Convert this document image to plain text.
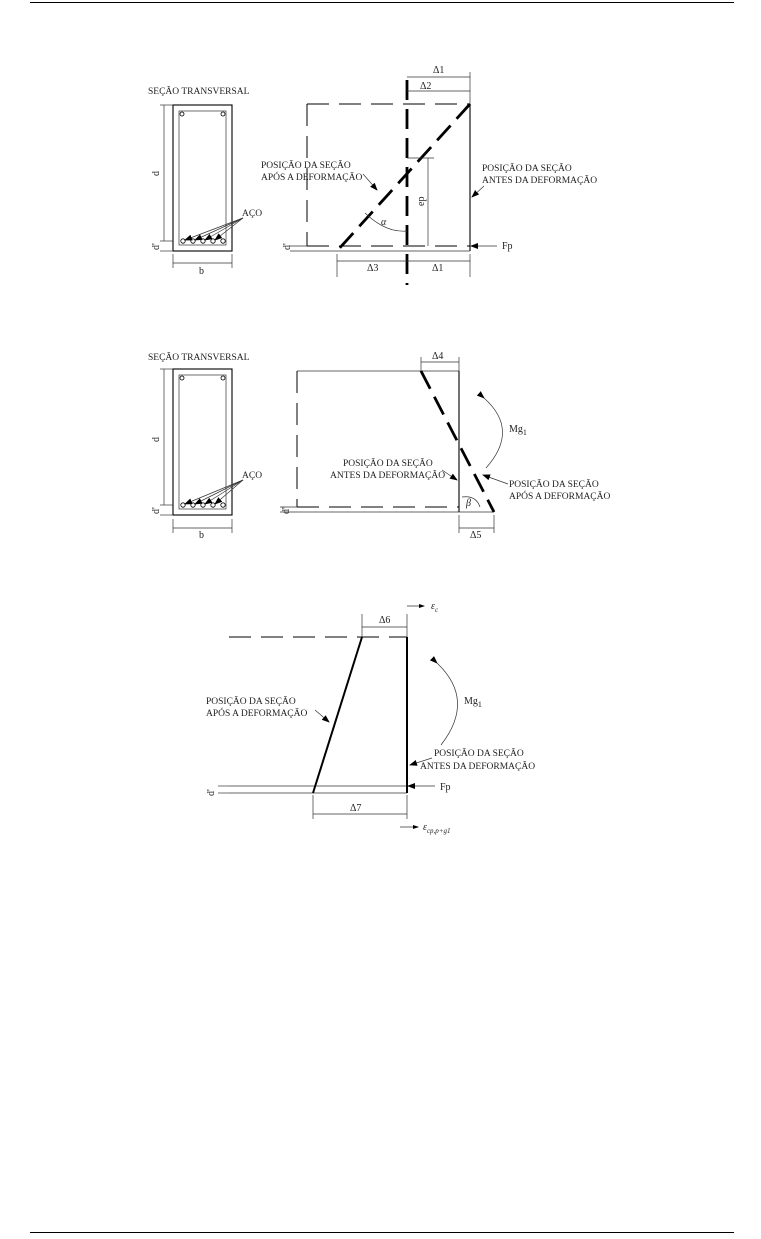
SEÇÃO TRANSVERSAL
AÇO
d
d'
b
Δ1
Δ2
ep
α
d'	Fp
Δ3	Δ1
POSIÇÃO DA SEÇÃO
APÓS A DEFORMAÇÃO
POSIÇÃO DA SEÇÃO
ANTES DA DEFORMAÇÃO
SEÇÃO TRANSVERSAL
AÇO
d
d'
b
Δ4
$Mg_1$
β
d'
Δ5
POSIÇÃO DA SEÇÃO
ANTES DA DEFORMAÇÃO
POSIÇÃO DA SEÇÃO
APÓS A DEFORMAÇÃO
Δ6
$\varepsilon_c$
$Mg_1$
d'	Fp
Δ7
$\varepsilon_{cp,p+g1}$
POSIÇÃO DA SEÇÃO
APÓS A DEFORMAÇÃO
POSIÇÃO DA SEÇÃO
ANTES DA DEFORMAÇÃO
